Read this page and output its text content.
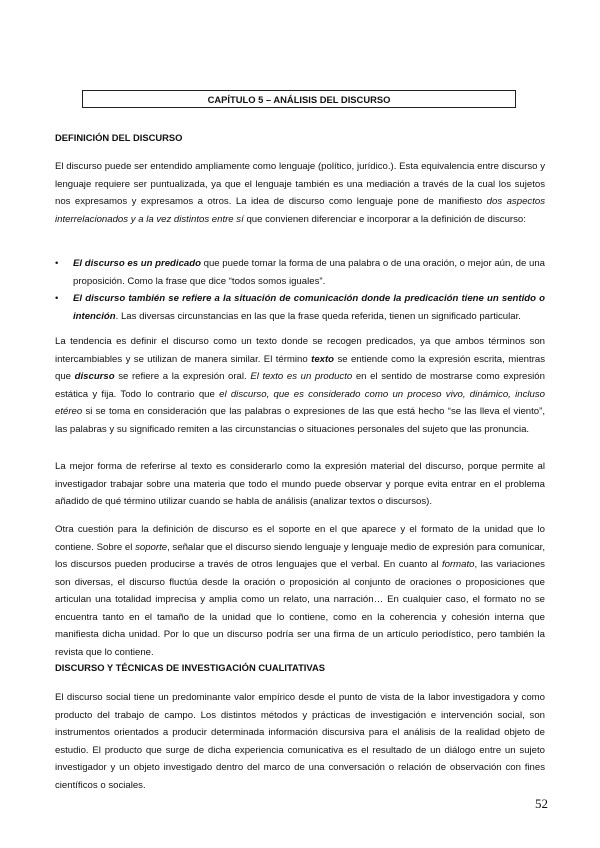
CAPÍTULO 5 – ANÁLISIS DEL DISCURSO
DEFINICIÓN DEL DISCURSO

El discurso puede ser entendido ampliamente como lenguaje (político, jurídico.). Esta equivalencia entre discurso y lenguaje requiere ser puntualizada, ya que el lenguaje también es una mediación a través de la cual los sujetos nos expresamos y expresamos a otros. La idea de discurso como lenguaje pone de manifiesto dos aspectos interrelacionados y a la vez distintos entre sí que convienen diferenciar e incorporar a la definición de discurso:

• El discurso es un predicado que puede tomar la forma de una palabra o de una oración, o mejor aún, de una proposición. Como la frase que dice “todos somos iguales”.
• El discurso también se refiere a la situación de comunicación donde la predicación tiene un sentido o intención. Las diversas circunstancias en las que la frase queda referida, tienen un significado particular.

La tendencia es definir el discurso como un texto donde se recogen predicados, ya que ambos términos son intercambiables y se utilizan de manera similar. El término texto se entiende como la expresión escrita, mientras que discurso se refiere a la expresión oral. El texto es un producto en el sentido de mostrarse como expresión estática y fija. Todo lo contrario que el discurso, que es considerado como un proceso vivo, dinámico, incluso etéreo si se toma en consideración que las palabras o expresiones de las que está hecho “se las lleva el viento”, las palabras y su significado remiten a las circunstancias o situaciones personales del sujeto que las pronuncia.

La mejor forma de referirse al texto es considerarlo como la expresión material del discurso, porque permite al investigador trabajar sobre una materia que todo el mundo puede observar y porque evita entrar en el problema añadido de qué término utilizar cuando se habla de análisis (analizar textos o discursos).

Otra cuestión para la definición de discurso es el soporte en el que aparece y el formato de la unidad que lo contiene. Sobre el soporte, señalar que el discurso siendo lenguaje y lenguaje medio de expresión para comunicar, los discursos pueden producirse a través de otros lenguajes que el verbal. En cuanto al formato, las variaciones son diversas, el discurso fluctúa desde la oración o proposición al conjunto de oraciones o proposiciones que articulan una totalidad imprecisa y amplia como un relato, una narración… En cualquier caso, el formato no se encuentra tanto en el tamaño de la unidad que lo contiene, como en la coherencia y cohesión interna que manifiesta dicha unidad. Por lo que un discurso podría ser una firma de un artículo periodístico, pero también la revista que lo contiene.

DISCURSO Y TÉCNICAS DE INVESTIGACIÓN CUALITATIVAS

El discurso social tiene un predominante valor empírico desde el punto de vista de la labor investigadora y como producto del trabajo de campo. Los distintos métodos y prácticas de investigación e intervención social, son instrumentos orientados a producir determinada información discursiva para el análisis de la realidad objeto de estudio. El producto que surge de dicha experiencia comunicativa es el resultado de un diálogo entre un sujeto investigador y un objeto investigado dentro del marco de una conversación o relación de observación con fines científicos o sociales.

52
